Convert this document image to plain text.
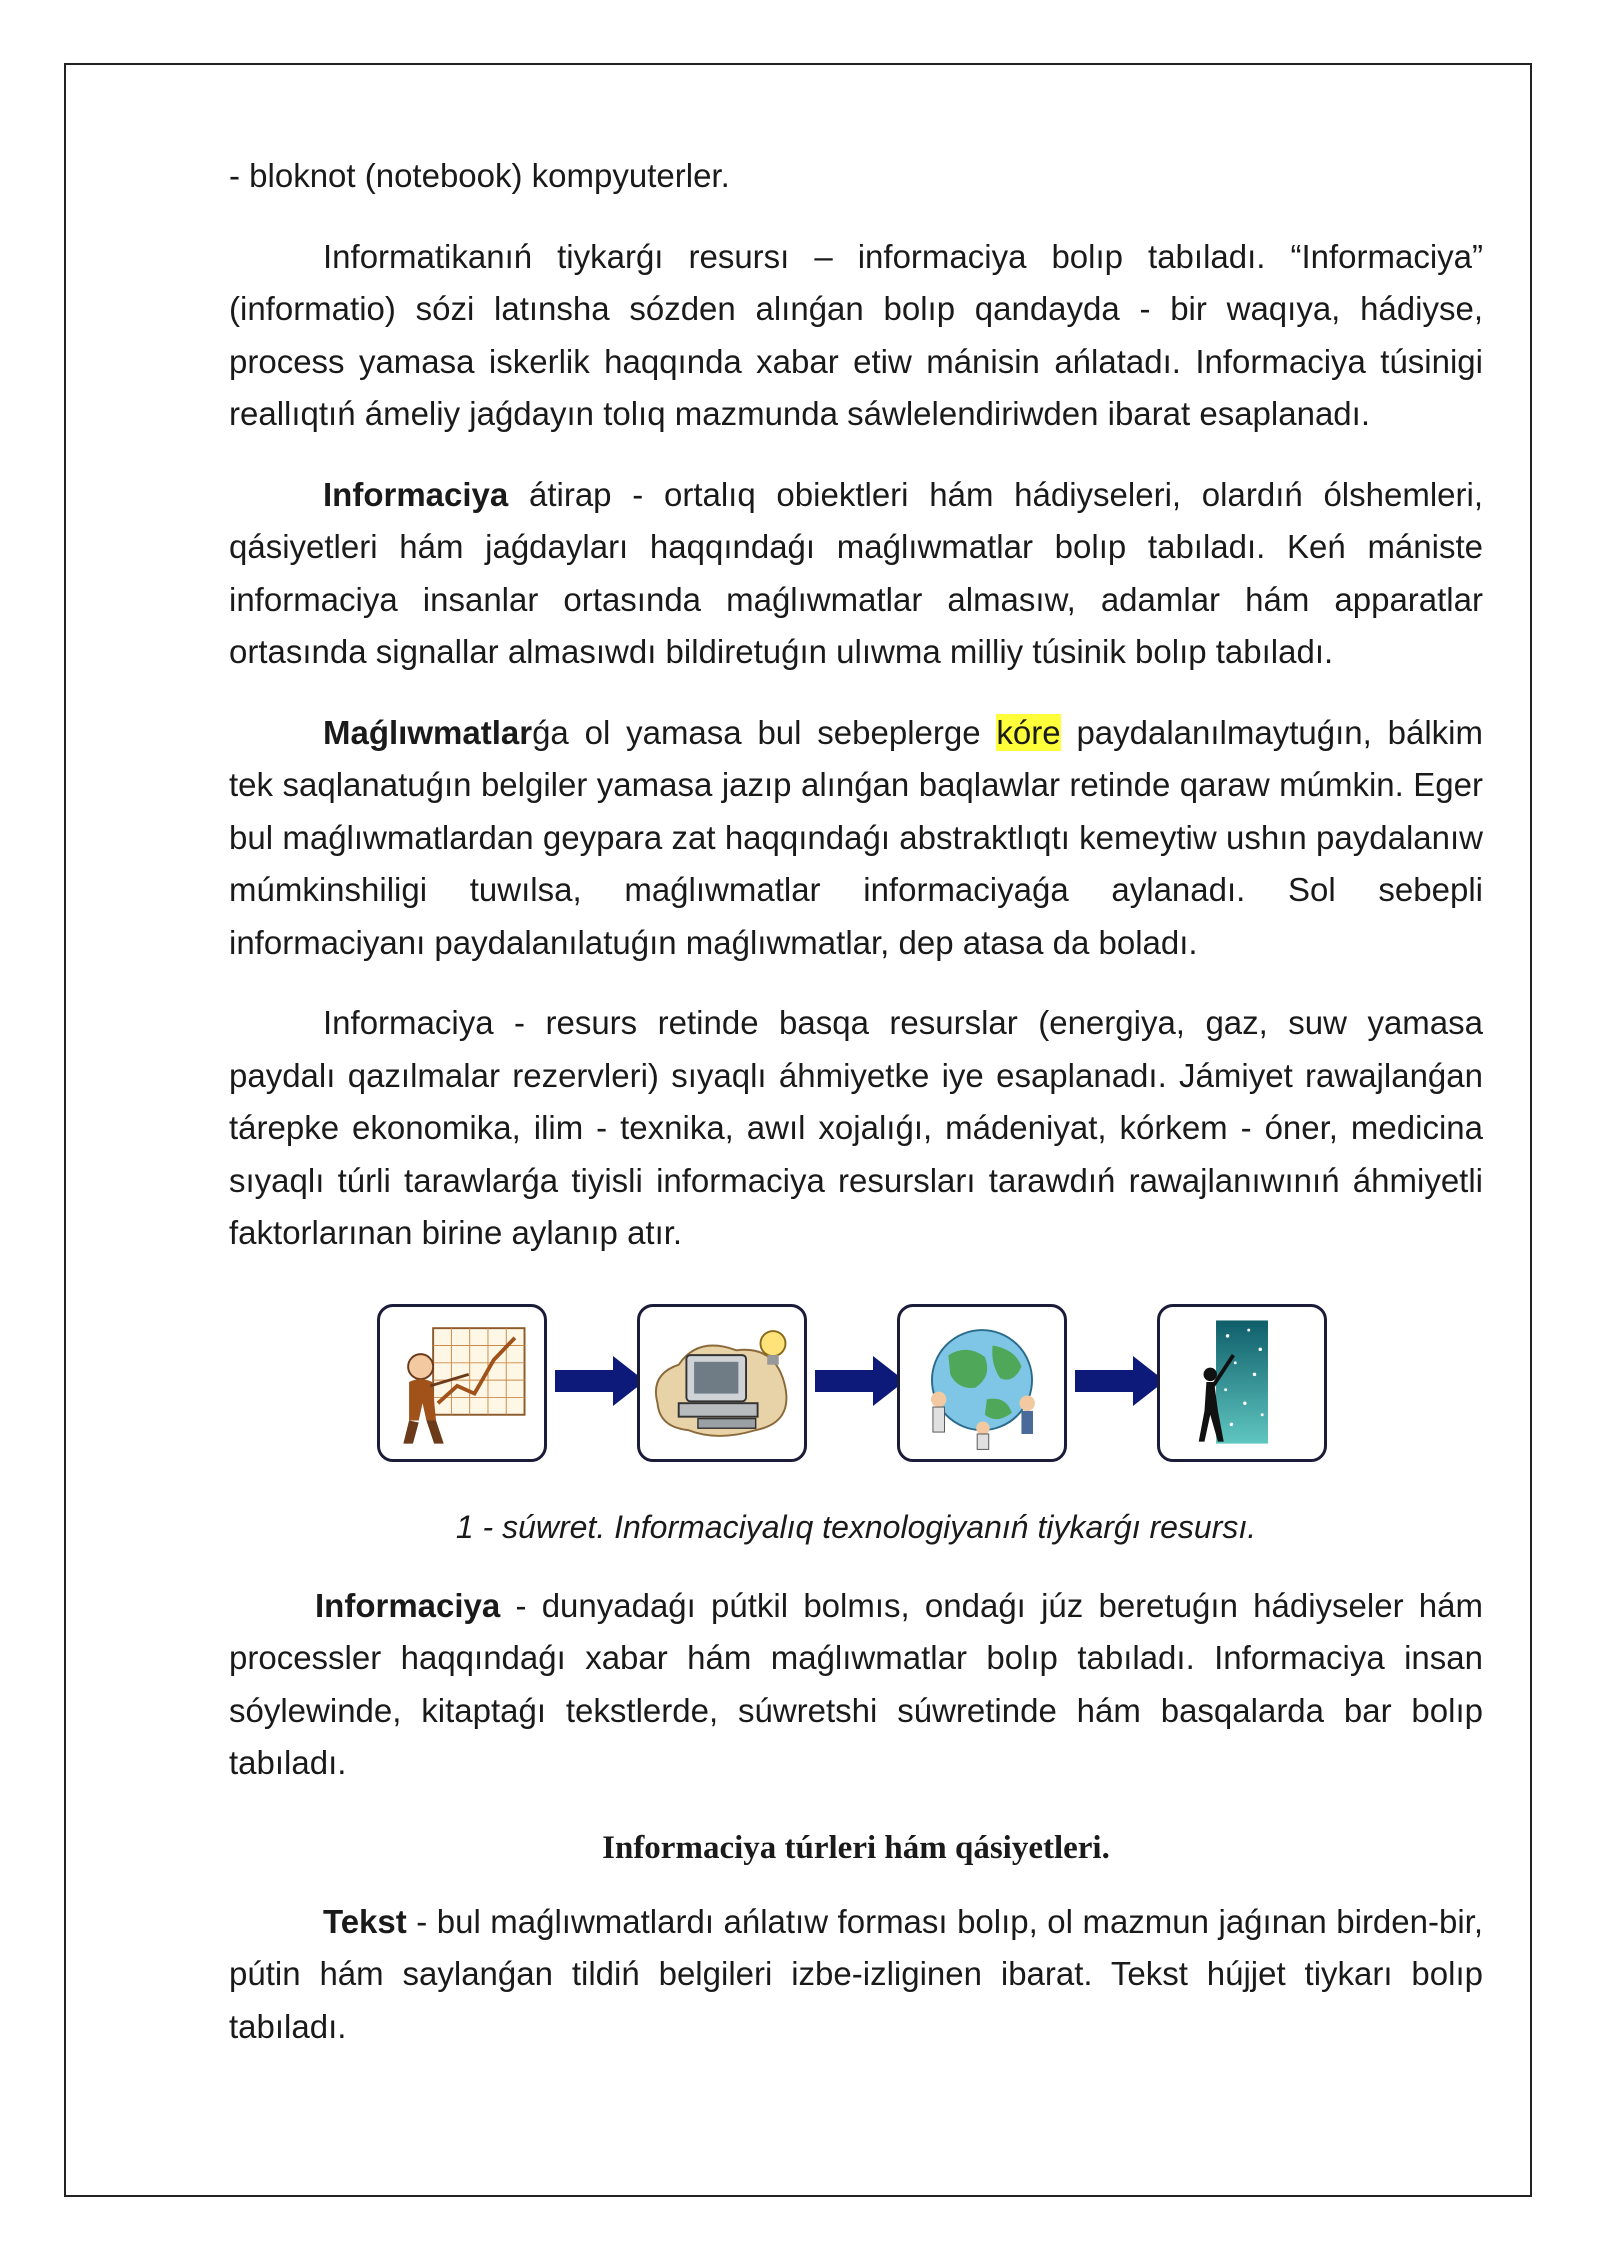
- bloknot (notebook) kompyuterler.

Informatikanıń tiykarǵı resursı – informaciya bolıp tabıladı. “Informaciya” (informatio) sózi latınsha sózden alınǵan bolıp qandayda - bir waqıya, hádiyse, process yamasa iskerlik haqqında xabar etiw mánisin ańlatadı. Informaciya túsinigi reallıqtıń ámeliy jaǵdayın tolıq mazmunda sáwlelendiriwden ibarat esaplanadı.

Informaciya átirap - ortalıq obiektleri hám hádiyseleri, olardıń ólshemleri, qásiyetleri hám jaǵdayları haqqındaǵı maǵlıwmatlar bolıp tabıladı. Keń mániste informaciya insanlar ortasında maǵlıwmatlar almasıw, adamlar hám apparatlar ortasında signallar almasıwdı bildiretuǵın ulıwma milliy túsinik bolıp tabıladı.

Maǵlıwmatlarǵa ol yamasa bul sebeplerge kóre paydalanılmaytuǵın, bálkim tek saqlanatuǵın belgiler yamasa jazıp alınǵan baqlawlar retinde qaraw múmkin. Eger bul maǵlıwmatlardan geypara zat haqqındaǵı abstraktlıqtı kemeytiw ushın paydalanıw múmkinshiligi tuwılsa, maǵlıwmatlar informaciyaǵa aylanadı. Sol sebepli informaciyanı paydalanılatuǵın maǵlıwmatlar, dep atasa da boladı.

Informaciya - resurs retinde basqa resurslar (energiya, gaz, suw yamasa paydalı qazılmalar rezervleri) sıyaqlı áhmiyetke iye esaplanadı. Jámiyet rawajlanǵan tárepke ekonomika, ilim - texnika, awıl xojalıǵı, mádeniyat, kórkem - óner, medicina sıyaqlı túrli tarawlarǵa tiyisli informaciya resursları tarawdıń rawajlanıwınıń áhmiyetli faktorlarınan birine aylanıp atır.

1 - súwret. Informaciyalıq texnologiyanıń tiykarǵı resursı.

Informaciya - dunyadaǵı pútkil bolmıs, ondaǵı júz beretuǵın hádiyseler hám processler haqqındaǵı xabar hám maǵlıwmatlar bolıp tabıladı. Informaciya insan sóylewinde, kitaptaǵı tekstlerde, súwretshi súwretinde hám basqalarda bar bolıp tabıladı.

Informaciya túrleri hám qásiyetleri.

Tekst - bul maǵlıwmatlardı ańlatıw forması bolıp, ol mazmun jaǵınan birden-bir, pútin hám saylanǵan tildiń belgileri izbe-izliginen ibarat. Tekst hújjet tiykarı bolıp tabıladı.
